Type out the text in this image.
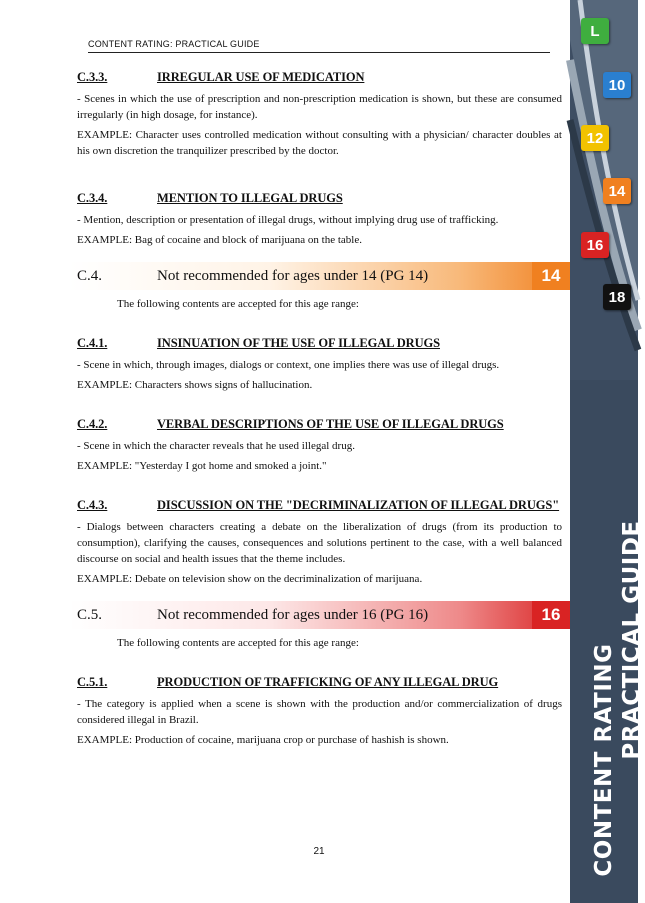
CONTENT RATING: PRACTICAL GUIDE
C.3.3.	IRREGULAR USE OF MEDICATION

- Scenes in which the use of prescription and non-prescription medication is shown, but these are consumed irregularly (in high dosage, for instance).

EXAMPLE: Character uses controlled medication without consulting with a physician/ character doubles at his own discretion the tranquilizer prescribed by the doctor.

C.3.4.	MENTION TO ILLEGAL DRUGS

- Mention, description or presentation of illegal drugs, without implying drug use of trafficking.

EXAMPLE: Bag of cocaine and block of marijuana on the table.

C.4.	Not recommended for ages under 14 (PG 14)	14

The following contents are accepted for this age range:

C.4.1.	INSINUATION OF THE USE OF ILLEGAL DRUGS

- Scene in which, through images, dialogs or context, one implies there was use of illegal drugs.

EXAMPLE: Characters shows signs of hallucination.

C.4.2.	VERBAL DESCRIPTIONS OF THE USE OF ILLEGAL DRUGS

- Scene in which the character reveals that he used illegal drug.

EXAMPLE: "Yesterday I got home and smoked a joint."

C.4.3.	DISCUSSION ON THE "DECRIMINALIZATION OF ILLEGAL DRUGS"

- Dialogs between characters creating a debate on the liberalization of drugs (from its production to consumption), clarifying the causes, consequences and solutions pertinent to the case, with a well balanced discourse on social and health issues that the theme includes.

EXAMPLE: Debate on television show on the decriminalization of marijuana.

C.5.	Not recommended for ages under 16 (PG 16)	16

The following contents are accepted for this age range:

C.5.1.	PRODUCTION OF TRAFFICKING OF ANY ILLEGAL DRUG

- The category is applied when a scene is shown with the production and/or commercialization of drugs considered illegal in Brazil.

EXAMPLE: Production of cocaine, marijuana crop or purchase of hashish is shown.

21
L
10
12
14
16
18
PRACTICAL GUIDE
CONTENT RATING
